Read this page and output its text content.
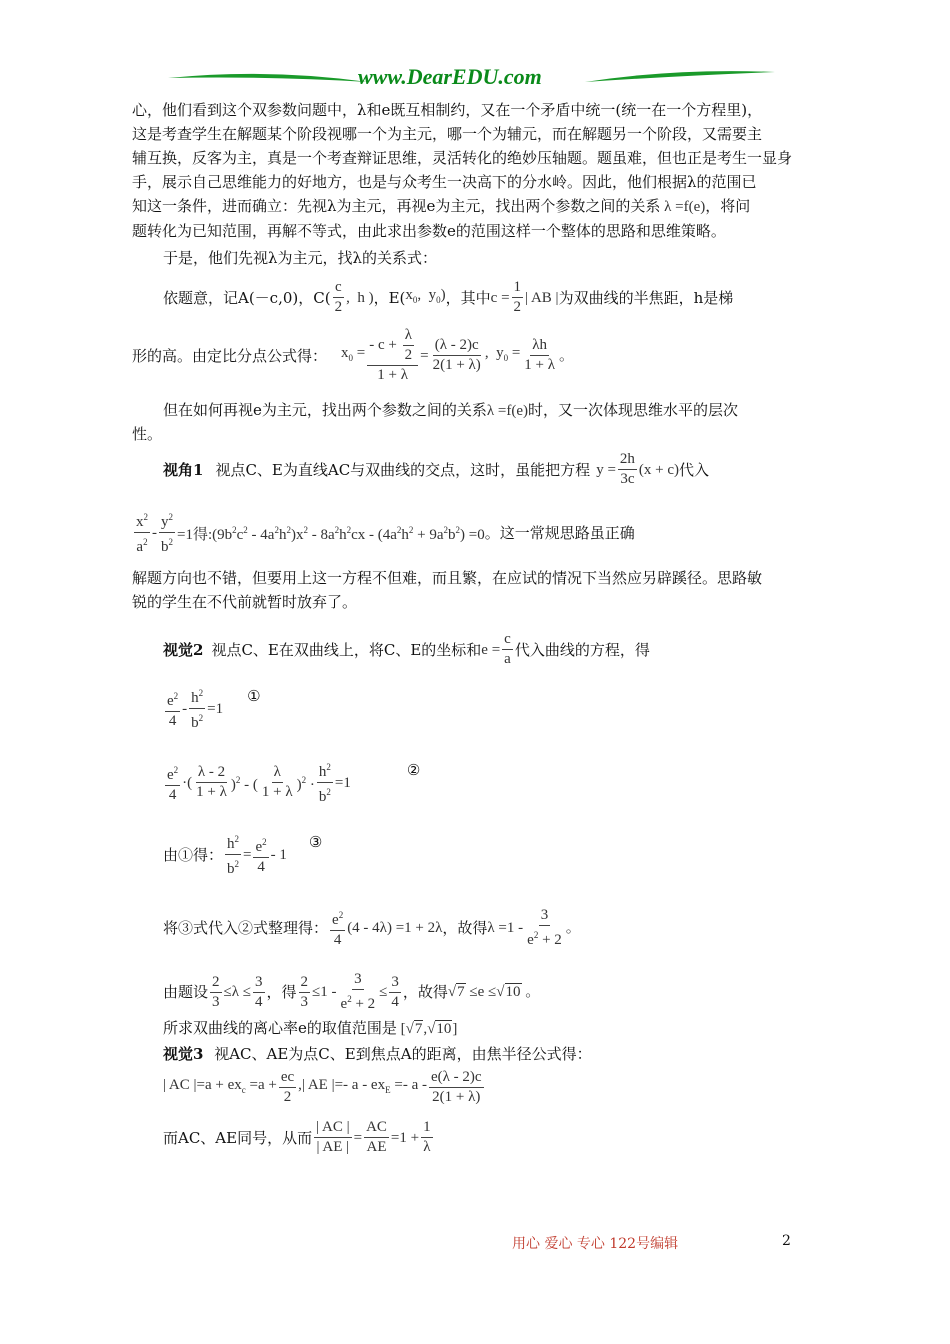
www.DearEDU.com
心，他们看到这个双参数问题中，λ和e既互相制约，又在一个矛盾中统一(统一在一个方程里)，
这是考查学生在解题某个阶段视哪一个为主元，哪一个为辅元，而在解题另一个阶段，又需要主
辅互换，反客为主，真是一个考查辩证思维，灵活转化的绝妙压轴题。题虽难，但也正是考生一显身
手，展示自己思维能力的好地方，也是与众考生一决高下的分水岭。因此，他们根据λ的范围已
知这一条件，进而确立：先视λ为主元，再视e为主元，找出两个参数之间的关系 λ =f(e)，将问
题转化为已知范围，再解不等式，由此求出参数e的范围这样一个整体的思路和思维策略。
于是，他们先视λ为主元，找λ的关系式：
依题意，记A(－c,0)，$C( \frac{c}{2}$ ,  h ) ，E( $x_0$,  $y_0$) ，其中 $c = \frac{1}{2}$ | AB | 为双曲线的半焦距，h是梯
形的高。由定比分点公式得： $x_0 = \frac{- c + \frac{\lambda}{2}}{1 + \lambda} = \frac{(\lambda - 2)c}{2(1 + \lambda)}$ ,  $y_0 = \frac{\lambda h}{1 + \lambda}$ 。
但在如何再视e为主元，找出两个参数之间的关系λ =f(e)时，又一次体现思维水平的层次
性。
视角1 视点C、E为直线AC与双曲线的交点，这时，虽能把方程 $y = \frac{2h}{3c} (x + c)$ 代入
$\frac{x^2}{a^2} - \frac{y^2}{b^2} =1$得$:(9b^2c^2 - 4a^2h^2)x^2 - 8a^2h^2cx - (4a^2h^2 + 9a^2b^2) =0$ 。这一常规思路虽正确
解题方向也不错，但要用上这一方程不但难，而且繁，在应试的情况下当然应另辟蹊径。思路敏
锐的学生在不代前就暂时放弃了。
视觉2 视点C、E在双曲线上，将C、E的坐标和 $e = \frac{c}{a}$ 代入曲线的方程，得
$\frac{e^2}{4} - \frac{h^2}{b^2} =1$
①
$\frac{e^2}{4}$ ·( $\frac{\lambda - 2}{1 + \lambda} )^2$ - ( $\frac{\lambda}{1 + \lambda} )^2 \cdot \frac{h^2}{b^2} =1$
②
由①得： $\frac{h^2}{b^2} = \frac{e^2}{4} - 1$
③
将③式代入②式整理得： $\frac{e^2}{4} (4 - 4\lambda) =1 + 2\lambda$ ，故得 $\lambda =1 - \frac{3}{e^2 + 2}$ 。
由题设 $\frac{2}{3} \le\lambda \le \frac{3}{4}$ ，得 $\frac{2}{3} \le 1 - \frac{3}{e^2 + 2} \le \frac{3}{4}$ ，故得 √7 ≤e ≤√10 。
所求双曲线的离心率e的取值范围是 [√7,√10]
视觉3 视AC、AE为点C、E到焦点A的距离，由焦半径公式得：
| AC $|=a + ex_c =a + \frac{ec}{2}$ ,| AE |=- $a - ex_E =- a - \frac{e(\lambda - 2)c}{2(1 + \lambda)}$
而AC、AE同号，从而 $\frac{| AC |}{| AE |} = \frac{AC}{AE} =1 + \frac{1}{\lambda}$
用心 爱心 专心 122号编辑	2
